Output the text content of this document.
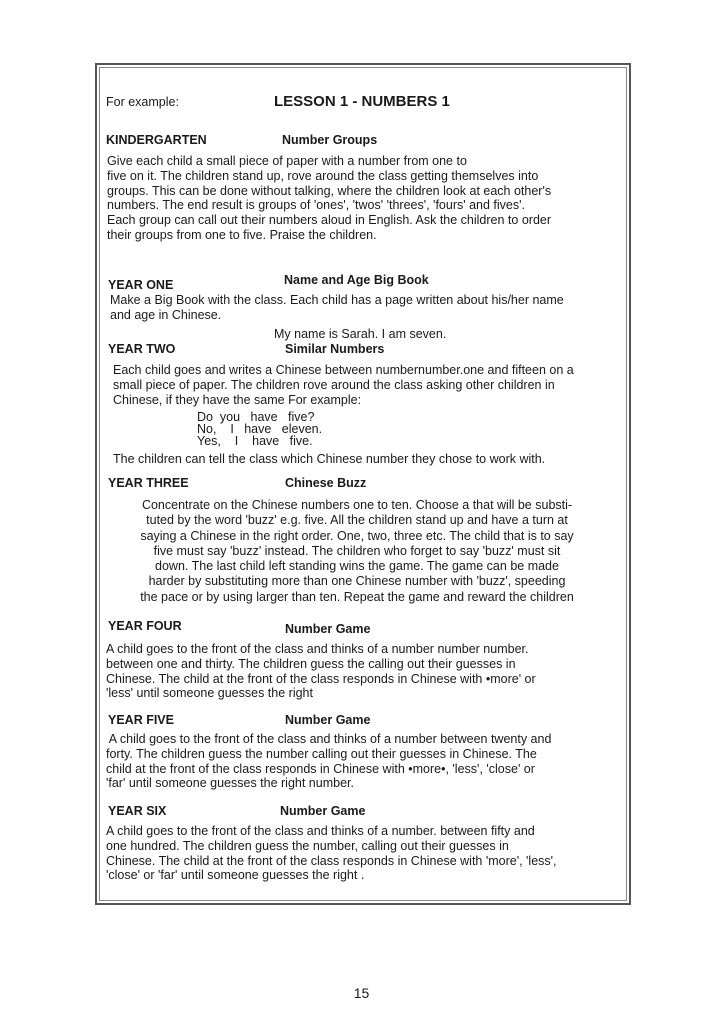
For example:	LESSON 1 - NUMBERS 1
KINDERGARTEN	Number Groups
Give each child a small piece of paper with a number from one to
five on it. The children stand up, rove around the class getting themselves into
groups. This can be done without talking, where the children look at each other's
numbers. The end result is groups of 'ones', 'twos' 'threes', 'fours' and fives'.
Each group can call out their numbers aloud in English. Ask the children to order
their groups from one to five. Praise the children.
YEAR ONE	Name and Age Big Book
Make a Big Book with the class. Each child has a page written about his/her name
and age in Chinese.
My name is Sarah. I am seven.
YEAR TWO	Similar Numbers
Each child goes and writes a Chinese between numbernumber.one and fifteen on a
small piece of paper. The children rove around the class asking other children in
Chinese, if they have the same For example:
Do  you   have   five?
No,    I   have   eleven.
Yes,    I    have   five.
The children can tell the class which Chinese number they chose to work with.
YEAR THREE	Chinese Buzz
Concentrate on the Chinese numbers one to ten. Choose a that will be substi-
tuted by the word 'buzz' e.g. five. All the children stand up and have a turn at
saying a Chinese in the right order. One, two, three etc. The child that is to say
five must say 'buzz' instead. The children who forget to say 'buzz' must sit
down. The last child left standing wins the game. The game can be made
harder by substituting more than one Chinese number with 'buzz', speeding
the pace or by using larger than ten. Repeat the game and reward the children
YEAR FOUR	Number Game
A child goes to the front of the class and thinks of a number number number.
between one and thirty. The children guess the calling out their guesses in
Chinese. The child at the front of the class responds in Chinese with •more' or
'less' until someone guesses the right
YEAR FIVE	Number Game
A child goes to the front of the class and thinks of a number between twenty and
forty. The children guess the number calling out their guesses in Chinese. The
child at the front of the class responds in Chinese with •more•, 'less', 'close' or
'far' until someone guesses the right number.
YEAR SIX	Number Game
A child goes to the front of the class and thinks of a number. between fifty and
one hundred. The children guess the number, calling out their guesses in
Chinese. The child at the front of the class responds in Chinese with 'more', 'less',
'close' or 'far' until someone guesses the right .
15
